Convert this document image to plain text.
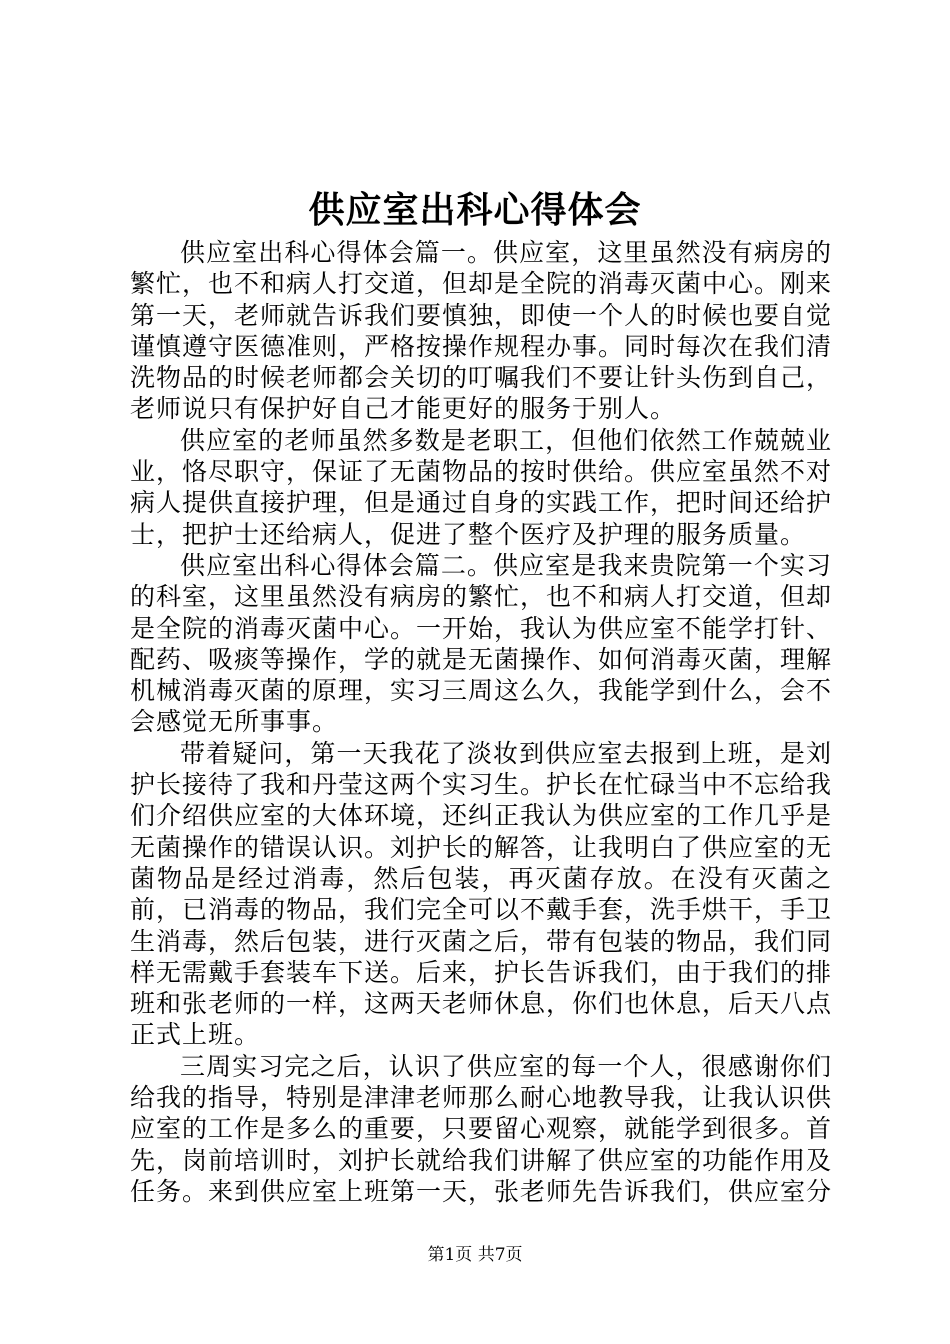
供应室出科心得体会

供应室出科心得体会篇一。供应室，这里虽然没有病房的繁忙，也不和病人打交道，但却是全院的消毒灭菌中心。刚来第一天，老师就告诉我们要慎独，即使一个人的时候也要自觉谨慎遵守医德准则，严格按操作规程办事。同时每次在我们清洗物品的时候老师都会关切的叮嘱我们不要让针头伤到自己，老师说只有保护好自己才能更好的服务于别人。

供应室的老师虽然多数是老职工，但他们依然工作兢兢业业，恪尽职守，保证了无菌物品的按时供给。供应室虽然不对病人提供直接护理，但是通过自身的实践工作，把时间还给护士，把护士还给病人，促进了整个医疗及护理的服务质量。

供应室出科心得体会篇二。供应室是我来贵院第一个实习的科室，这里虽然没有病房的繁忙，也不和病人打交道，但却是全院的消毒灭菌中心。一开始，我认为供应室不能学打针、配药、吸痰等操作，学的就是无菌操作、如何消毒灭菌，理解机械消毒灭菌的原理，实习三周这么久，我能学到什么，会不会感觉无所事事。

带着疑问，第一天我花了淡妆到供应室去报到上班，是刘护长接待了我和丹莹这两个实习生。护长在忙碌当中不忘给我们介绍供应室的大体环境，还纠正我认为供应室的工作几乎是无菌操作的错误认识。刘护长的解答，让我明白了供应室的无菌物品是经过消毒，然后包装，再灭菌存放。在没有灭菌之前，已消毒的物品，我们完全可以不戴手套，洗手烘干，手卫生消毒，然后包装，进行灭菌之后，带有包装的物品，我们同样无需戴手套装车下送。后来，护长告诉我们，由于我们的排班和张老师的一样，这两天老师休息，你们也休息，后天八点正式上班。

三周实习完之后，认识了供应室的每一个人，很感谢你们给我的指导，特别是津津老师那么耐心地教导我，让我认识供应室的工作是多么的重要，只要留心观察，就能学到很多。首先，岗前培训时，刘护长就给我们讲解了供应室的功能作用及任务。来到供应室上班第一天，张老师先告诉我们，供应室分

第1页 共7页
